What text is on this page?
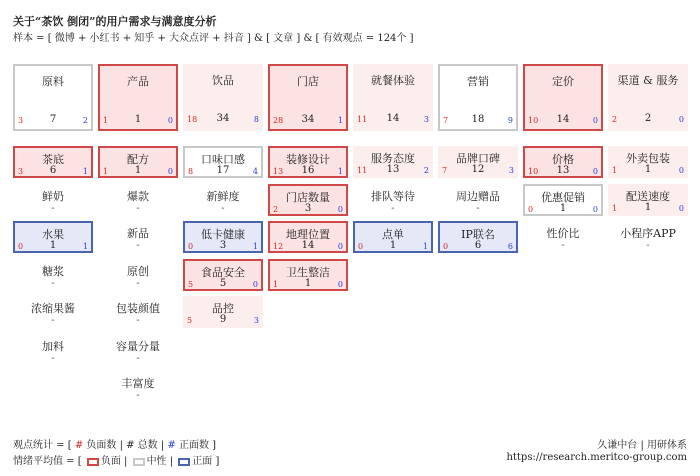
关于“茶饮 倒闭”的用户需求与满意度分析
样本 = [ 微博 + 小红书 + 知乎 + 大众点评 + 抖音 ] & [ 文章 ] & [ 有效观点 = 124个 ]
原料
7
3	2
茶底
6
3	1
鲜奶
-
水果
1
0	1
糖浆
-
浓缩果酱
-
加料
-
产品
1
1	0
配方
1
1	0
爆款
-
新品
-
原创
-
包装颜值
-
容量分量
-
丰富度
-
饮品
34
18	8
口味口感
17
8	4
新鲜度
-
低卡健康
3
0	1
食品安全
5
5	0
品控
9
5	3
门店
34
28	1
装修设计
16
13	1
门店数量
3
2	0
地理位置
14
12	0
卫生整洁
1
1	0
就餐体验
14
11	3
服务态度
13
11	2
排队等待
-
点单
1
0	1
营销
18
7	9
品牌口碑
12
7	3
周边赠品
-
IP联名
6
0	6
定价
14
10	0
价格
13
10	0
优惠促销
1
0	0
性价比
-
渠道 & 服务
2
2	0
外卖包装
1
1	0
配送速度
1
1	0
小程序APP
-
观点统计 = [ # 负面数 | # 总数 | # 正面数 ]
情绪平均值 = [ 负面 | 中性 | 正面 ]
久谦中台 | 用研体系
https://research.meritco-group.com
